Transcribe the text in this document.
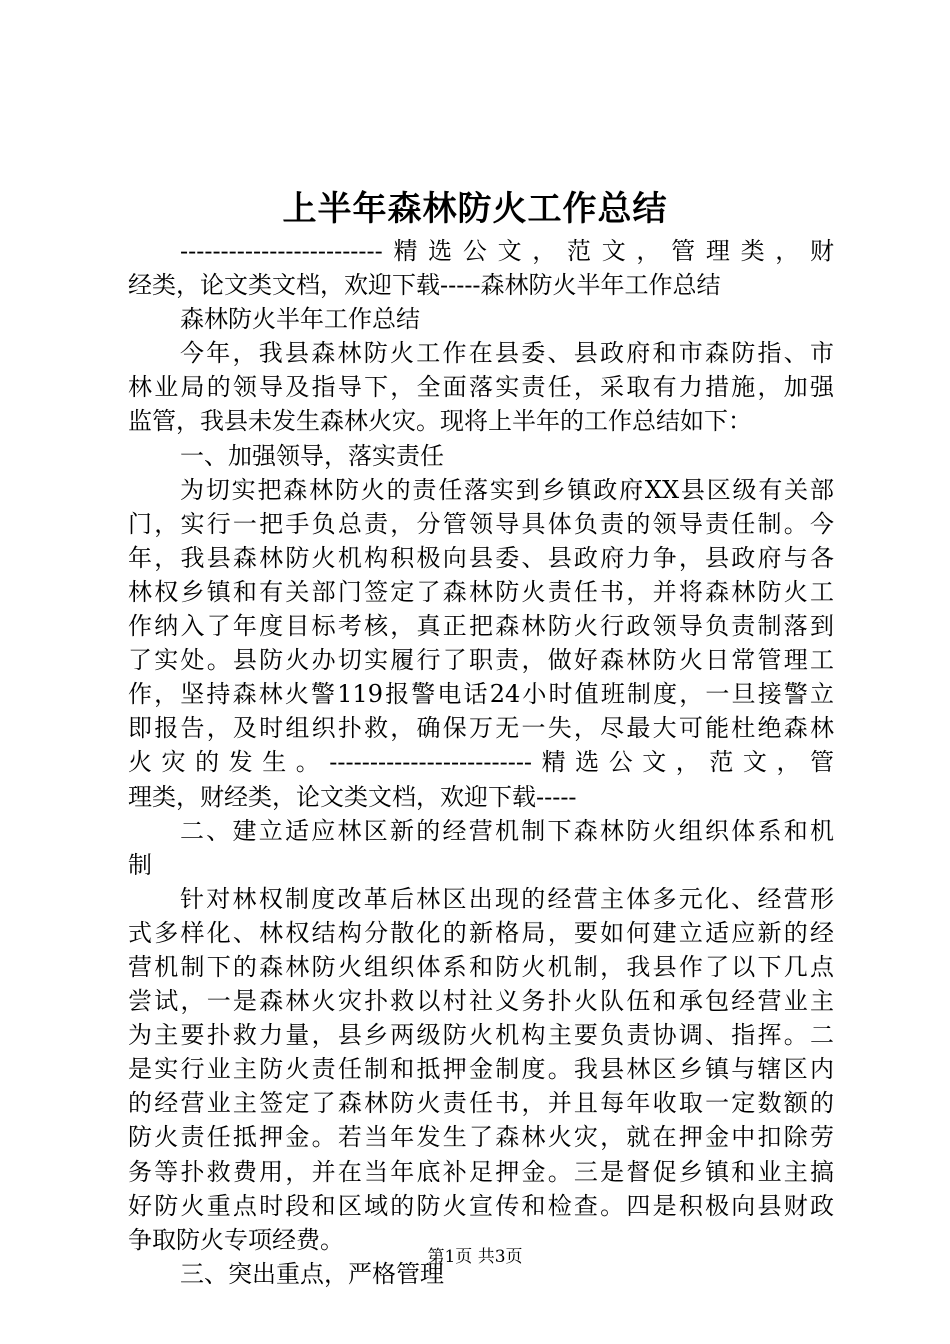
上半年森林防火工作总结
-------------------------精选公文，范文，管理类，财
经类，论文类文档，欢迎下载-----森林防火半年工作总结
森林防火半年工作总结
今年，我县森林防火工作在县委、县政府和市森防指、市
林业局的领导及指导下，全面落实责任，采取有力措施，加强
监管，我县未发生森林火灾。现将上半年的工作总结如下：
一、加强领导，落实责任
为切实把森林防火的责任落实到乡镇政府XX县区级有关部
门，实行一把手负总责，分管领导具体负责的领导责任制。今
年，我县森林防火机构积极向县委、县政府力争，县政府与各
林权乡镇和有关部门签定了森林防火责任书，并将森林防火工
作纳入了年度目标考核，真正把森林防火行政领导负责制落到
了实处。县防火办切实履行了职责，做好森林防火日常管理工
作，坚持森林火警119报警电话24小时值班制度，一旦接警立
即报告，及时组织扑救，确保万无一失，尽最大可能杜绝森林
火灾的发生。-------------------------精选公文，范文，管
理类，财经类，论文类文档，欢迎下载-----
二、建立适应林区新的经营机制下森林防火组织体系和机
制
针对林权制度改革后林区出现的经营主体多元化、经营形
式多样化、林权结构分散化的新格局，要如何建立适应新的经
营机制下的森林防火组织体系和防火机制，我县作了以下几点
尝试，一是森林火灾扑救以村社义务扑火队伍和承包经营业主
为主要扑救力量，县乡两级防火机构主要负责协调、指挥。二
是实行业主防火责任制和抵押金制度。我县林区乡镇与辖区内
的经营业主签定了森林防火责任书，并且每年收取一定数额的
防火责任抵押金。若当年发生了森林火灾，就在押金中扣除劳
务等扑救费用，并在当年底补足押金。三是督促乡镇和业主搞
好防火重点时段和区域的防火宣传和检查。四是积极向县财政
争取防火专项经费。
三、突出重点，严格管理
第1页 共3页
